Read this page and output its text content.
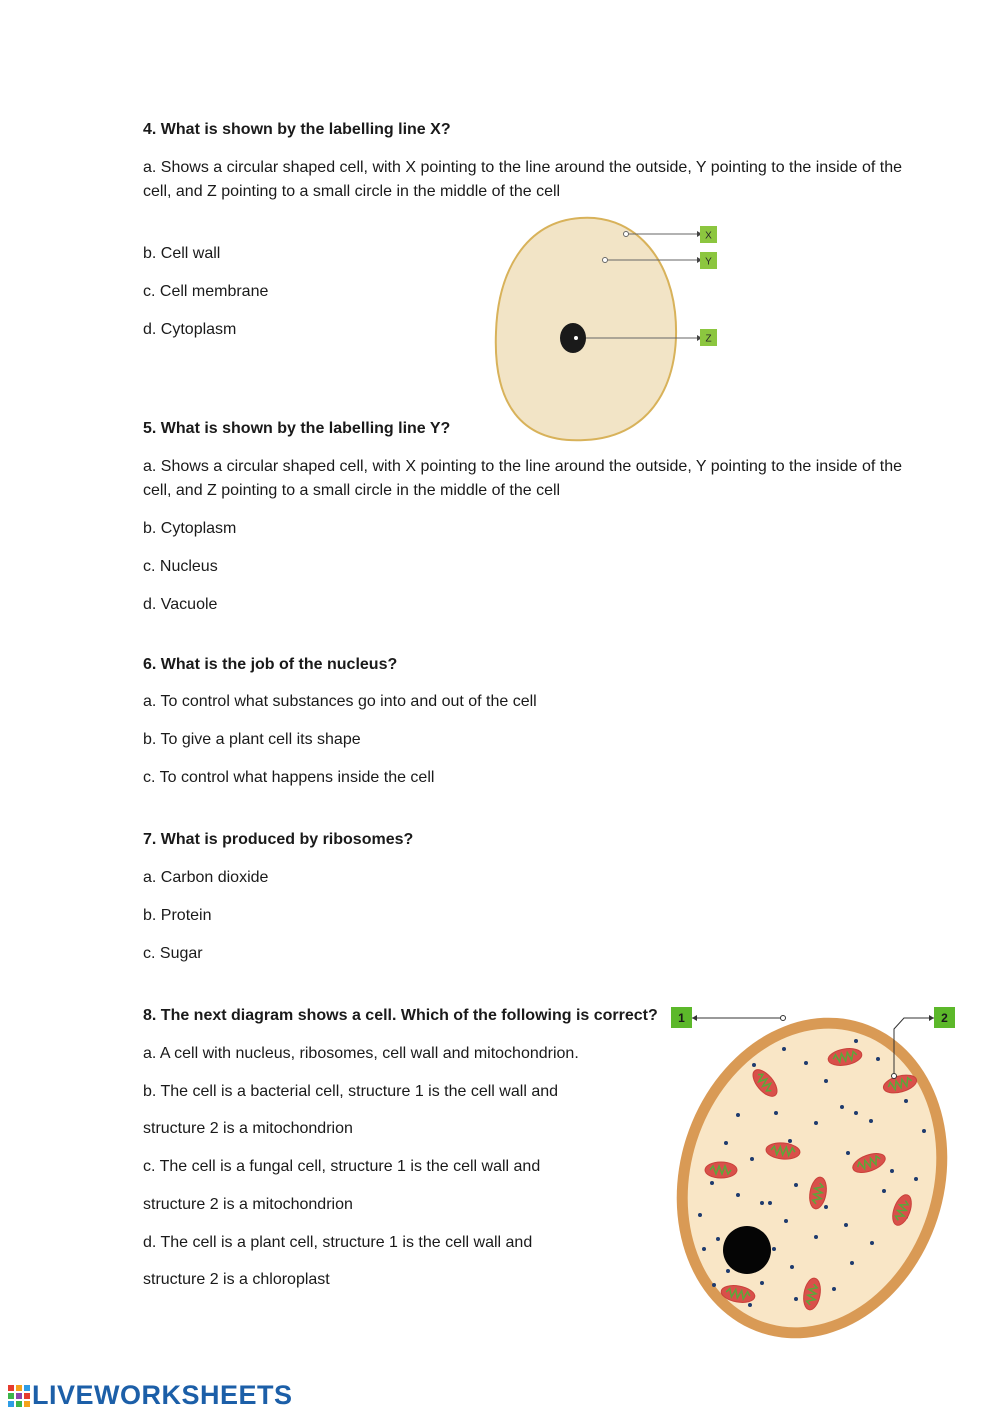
4. What is shown by the labelling line X?
a. Shows a circular shaped cell, with X pointing to the line around the outside, Y pointing to the inside of the cell, and Z pointing to a small circle in the middle of the cell
b. Cell wall
c. Cell membrane
d. Cytoplasm
X
Y
Z
5. What is shown by the labelling line Y?
a. Shows a circular shaped cell, with X pointing to the line around the outside, Y pointing to the inside of the cell, and Z pointing to a small circle in the middle of the cell
b. Cytoplasm
c. Nucleus
d. Vacuole
6. What is the job of the nucleus?
a. To control what substances go into and out of the cell
b. To give a plant cell its shape
c. To control what happens inside the cell
7. What is produced by ribosomes?
a. Carbon dioxide
b. Protein
c. Sugar
8. The next diagram shows a cell. Which of the following is correct?
a. A cell with nucleus, ribosomes, cell wall and mitochondrion.
b. The cell is a bacterial cell, structure 1 is the cell wall and
structure 2 is a mitochondrion
c. The cell is a fungal cell, structure 1 is the cell wall and
structure 2 is a mitochondrion
d. The cell is a plant cell, structure 1 is the cell wall and
structure 2 is a chloroplast
1	2
LIVEWORKSHEETS
